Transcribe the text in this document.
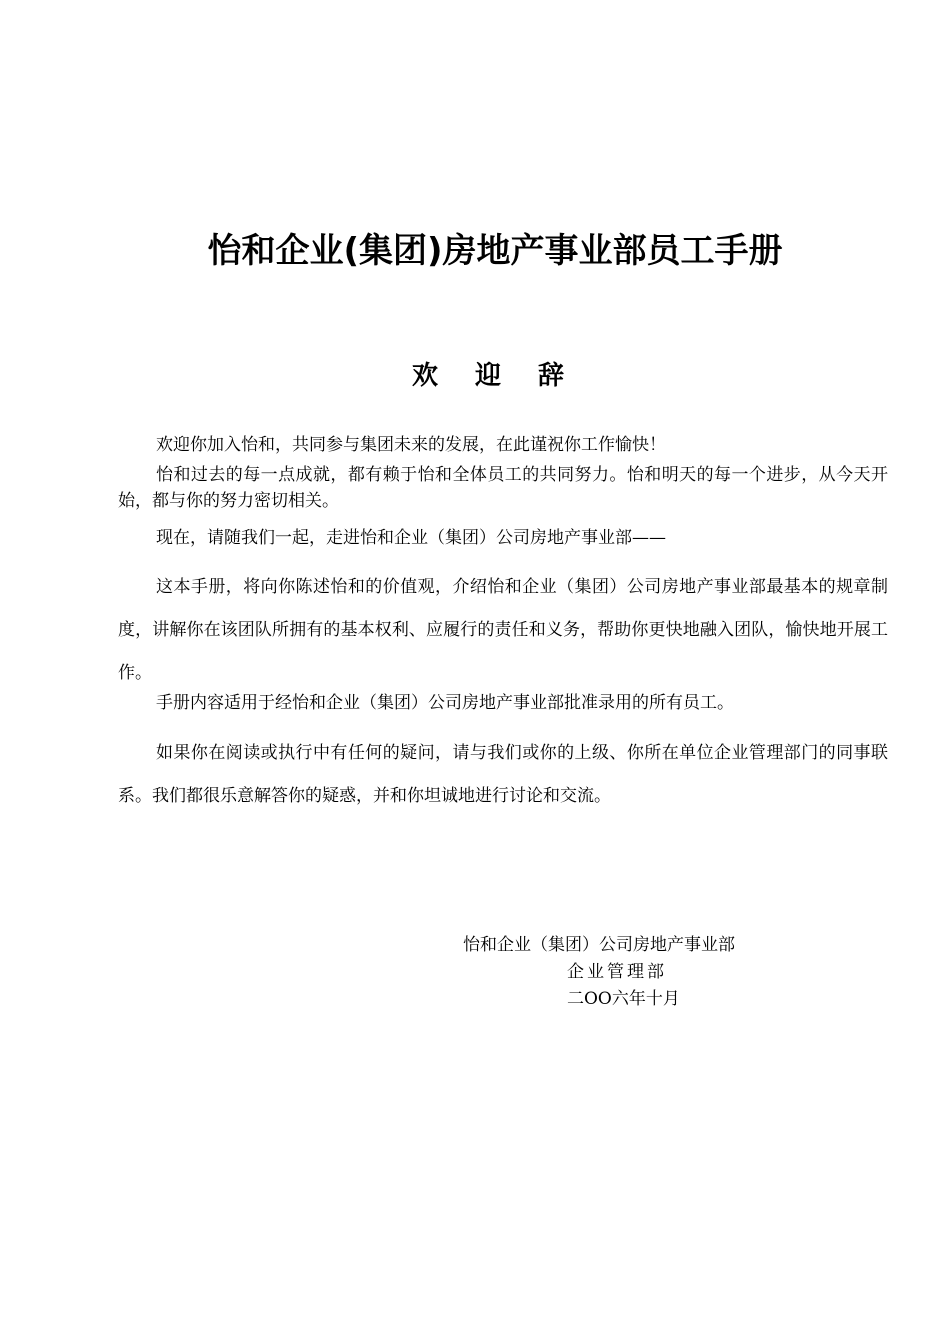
怡和企业(集团)房地产事业部员工手册
欢 迎 辞

欢迎你加入怡和，共同参与集团未来的发展，在此谨祝你工作愉快！

怡和过去的每一点成就，都有赖于怡和全体员工的共同努力。怡和明天的每一个进步，从今天开始，都与你的努力密切相关。

现在，请随我们一起，走进怡和企业（集团）公司房地产事业部——

这本手册，将向你陈述怡和的价值观，介绍怡和企业（集团）公司房地产事业部最基本的规章制度，讲解你在该团队所拥有的基本权利、应履行的责任和义务，帮助你更快地融入团队，愉快地开展工作。

手册内容适用于经怡和企业（集团）公司房地产事业部批准录用的所有员工。

如果你在阅读或执行中有任何的疑问，请与我们或你的上级、你所在单位企业管理部门的同事联系。我们都很乐意解答你的疑惑，并和你坦诚地进行讨论和交流。

怡和企业（集团）公司房地产事业部
企业管理部
二OO六年十月
